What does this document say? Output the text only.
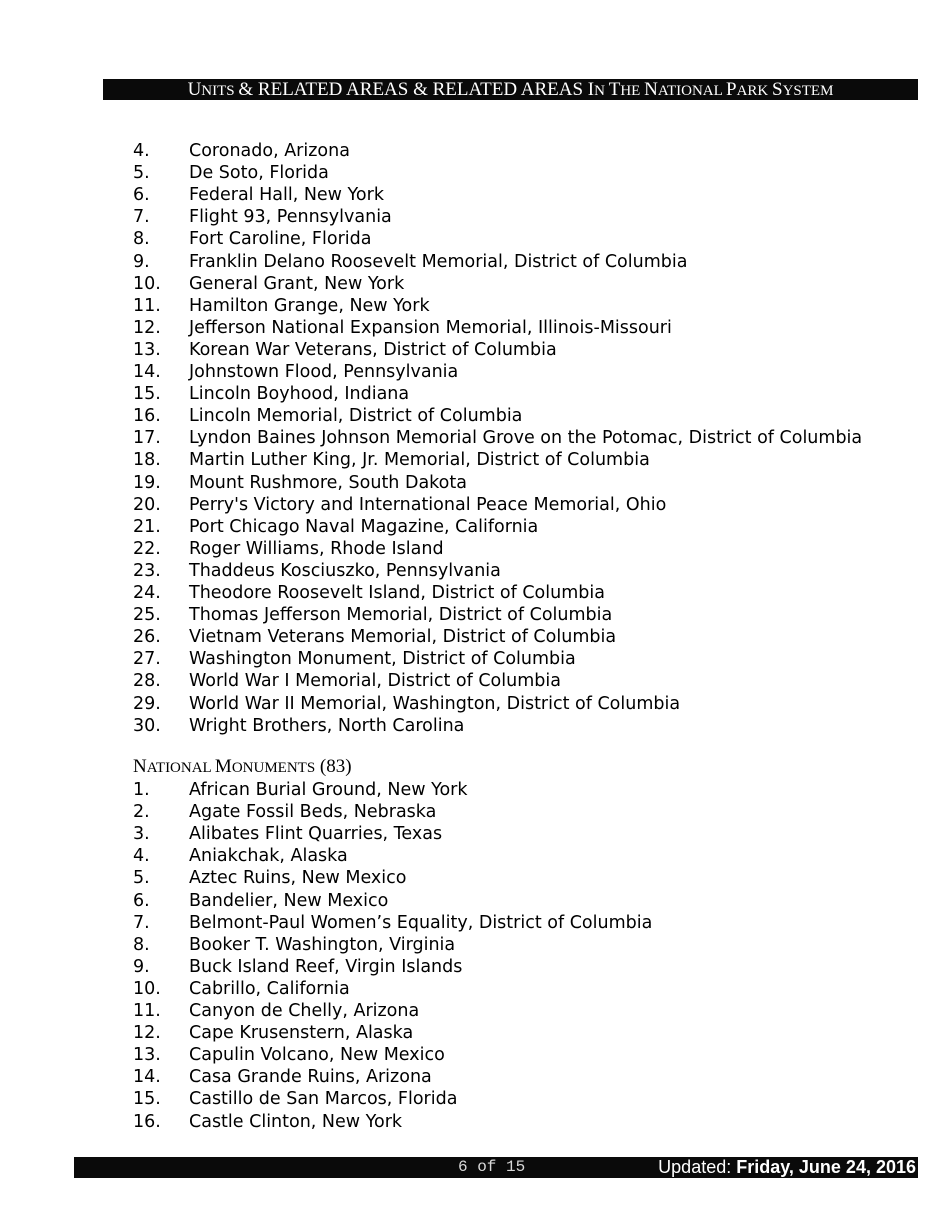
UNITS & RELATED AREAS & RELATED AREAS IN THE NATIONAL PARK SYSTEM
4. Coronado, Arizona
5. De Soto, Florida
6. Federal Hall, New York
7. Flight 93, Pennsylvania
8. Fort Caroline, Florida
9. Franklin Delano Roosevelt Memorial, District of Columbia
10. General Grant, New York
11. Hamilton Grange, New York
12. Jefferson National Expansion Memorial, Illinois-Missouri
13. Korean War Veterans, District of Columbia
14. Johnstown Flood, Pennsylvania
15. Lincoln Boyhood, Indiana
16. Lincoln Memorial, District of Columbia
17. Lyndon Baines Johnson Memorial Grove on the Potomac, District of Columbia
18. Martin Luther King, Jr. Memorial, District of Columbia
19. Mount Rushmore, South Dakota
20. Perry's Victory and International Peace Memorial, Ohio
21. Port Chicago Naval Magazine, California
22. Roger Williams, Rhode Island
23. Thaddeus Kosciuszko, Pennsylvania
24. Theodore Roosevelt Island, District of Columbia
25. Thomas Jefferson Memorial, District of Columbia
26. Vietnam Veterans Memorial, District of Columbia
27. Washington Monument, District of Columbia
28. World War I Memorial, District of Columbia
29. World War II Memorial, Washington, District of Columbia
30. Wright Brothers, North Carolina
NATIONAL MONUMENTS (83)
1. African Burial Ground, New York
2. Agate Fossil Beds, Nebraska
3. Alibates Flint Quarries, Texas
4. Aniakchak, Alaska
5. Aztec Ruins, New Mexico
6. Bandelier, New Mexico
7. Belmont-Paul Women’s Equality, District of Columbia
8. Booker T. Washington, Virginia
9. Buck Island Reef, Virgin Islands
10. Cabrillo, California
11. Canyon de Chelly, Arizona
12. Cape Krusenstern, Alaska
13. Capulin Volcano, New Mexico
14. Casa Grande Ruins, Arizona
15. Castillo de San Marcos, Florida
16. Castle Clinton, New York
6 of 15	Updated: Friday, June 24, 2016
